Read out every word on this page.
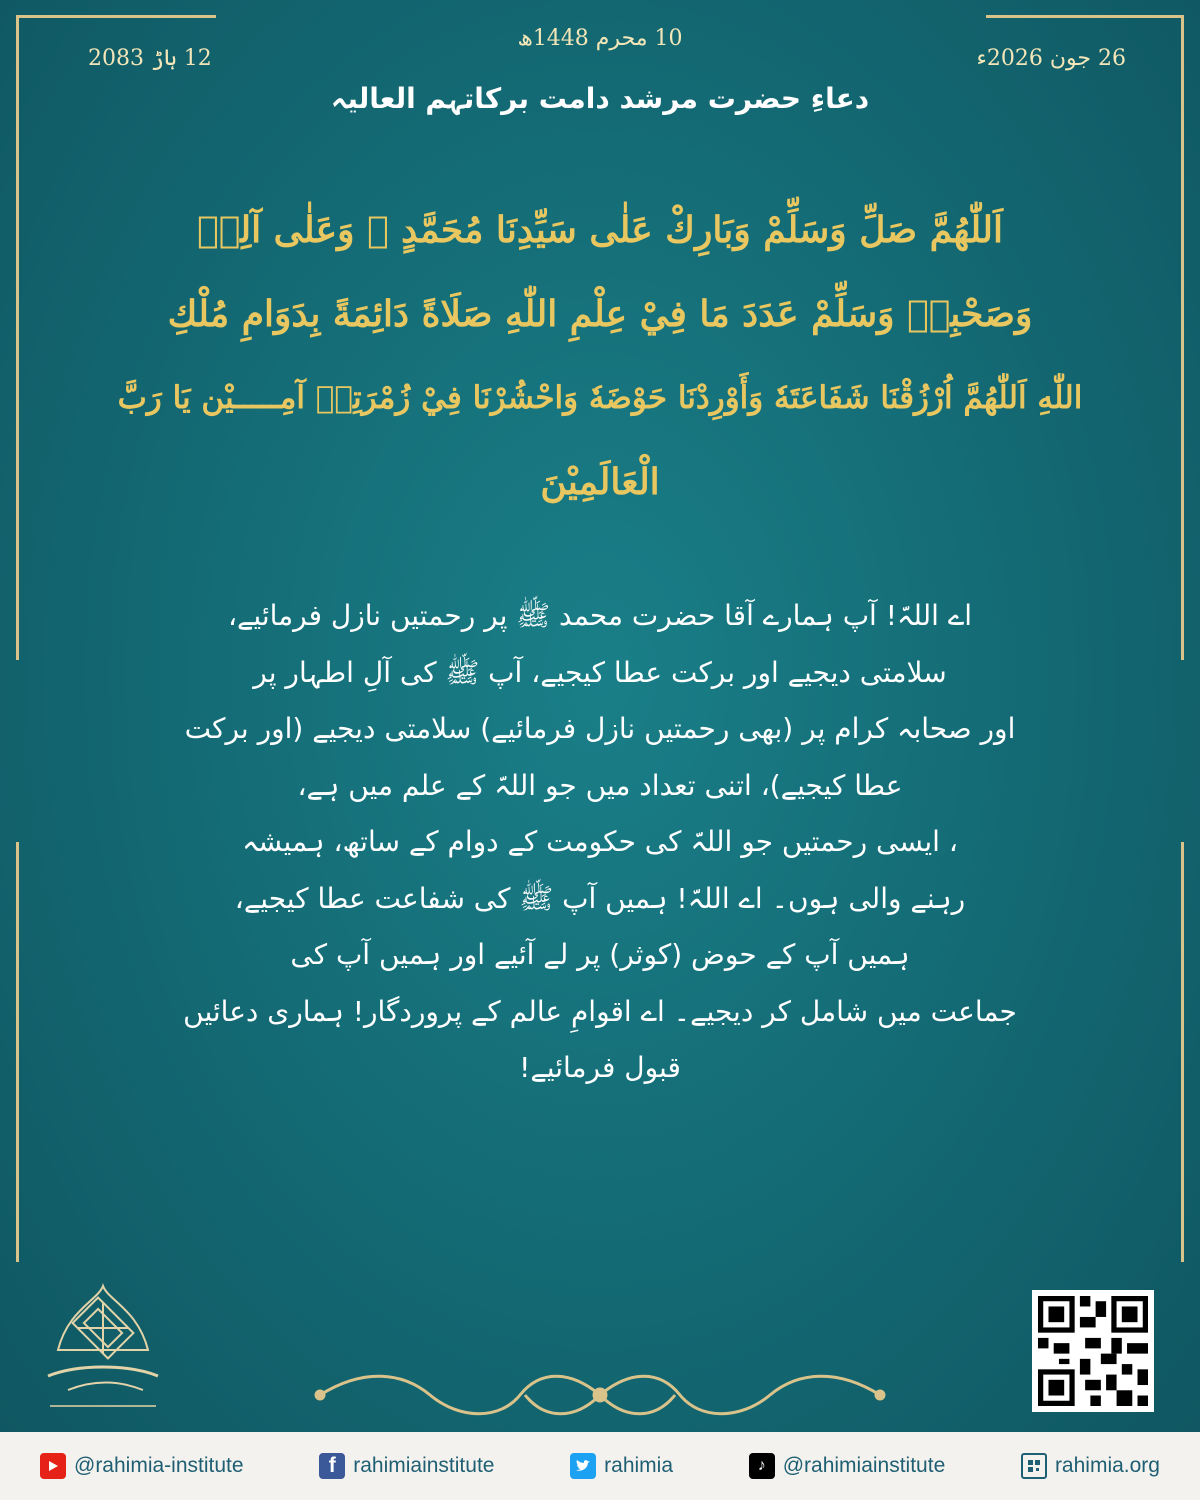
10 محرم 1448ھ
12 ہاڑ 2083	26 جون 2026ء
دعاءِ حضرت مرشد دامت برکاتہم العالیہ
اَللّٰهُمَّ صَلِّ وَسَلِّمْ وَبَارِكْ عَلٰى سَيِّدِنَا مُحَمَّدٍ ﷺ وَعَلٰى آلِهٖ
وَصَحْبِهٖ وَسَلِّمْ عَدَدَ مَا فِيْ عِلْمِ اللّٰهِ صَلَاةً دَائِمَةً بِدَوَامِ مُلْكِ
اللّٰهِ اَللّٰهُمَّ اُرْزُقْنَا شَفَاعَتَهٗ وَأَوْرِدْنَا حَوْضَهٗ وَاحْشُرْنَا فِيْ زُمْرَتِهٖ آمِـــــيْن يَا رَبَّ
الْعَالَمِيْنَ
اے اللہّ! آپ ہمارے آقا حضرت محمد ﷺ پر رحمتیں نازل فرمائیے،
سلامتی دیجیے اور برکت عطا کیجیے، آپ ﷺ کی آلِ اطہار پر
اور صحابہ کرام پر (بھی رحمتیں نازل فرمائیے) سلامتی دیجیے (اور برکت
عطا کیجیے)، اتنی تعداد میں جو اللہّ کے علم میں ہے،
، ایسی رحمتیں جو اللہّ کی حکومت کے دوام کے ساتھ، ہمیشہ
رہنے والی ہوں۔ اے اللہّ! ہمیں آپ ﷺ کی شفاعت عطا کیجیے،
ہمیں آپ کے حوض (کوثر) پر لے آئیے اور ہمیں آپ کی
جماعت میں شامل کر دیجیے۔ اے اقوامِ عالم کے پروردگار! ہماری دعائیں
قبول فرمائیے!
@rahimia-institute	f rahimiainstitute	rahimia	♪ @rahimiainstitute	rahimia.org
